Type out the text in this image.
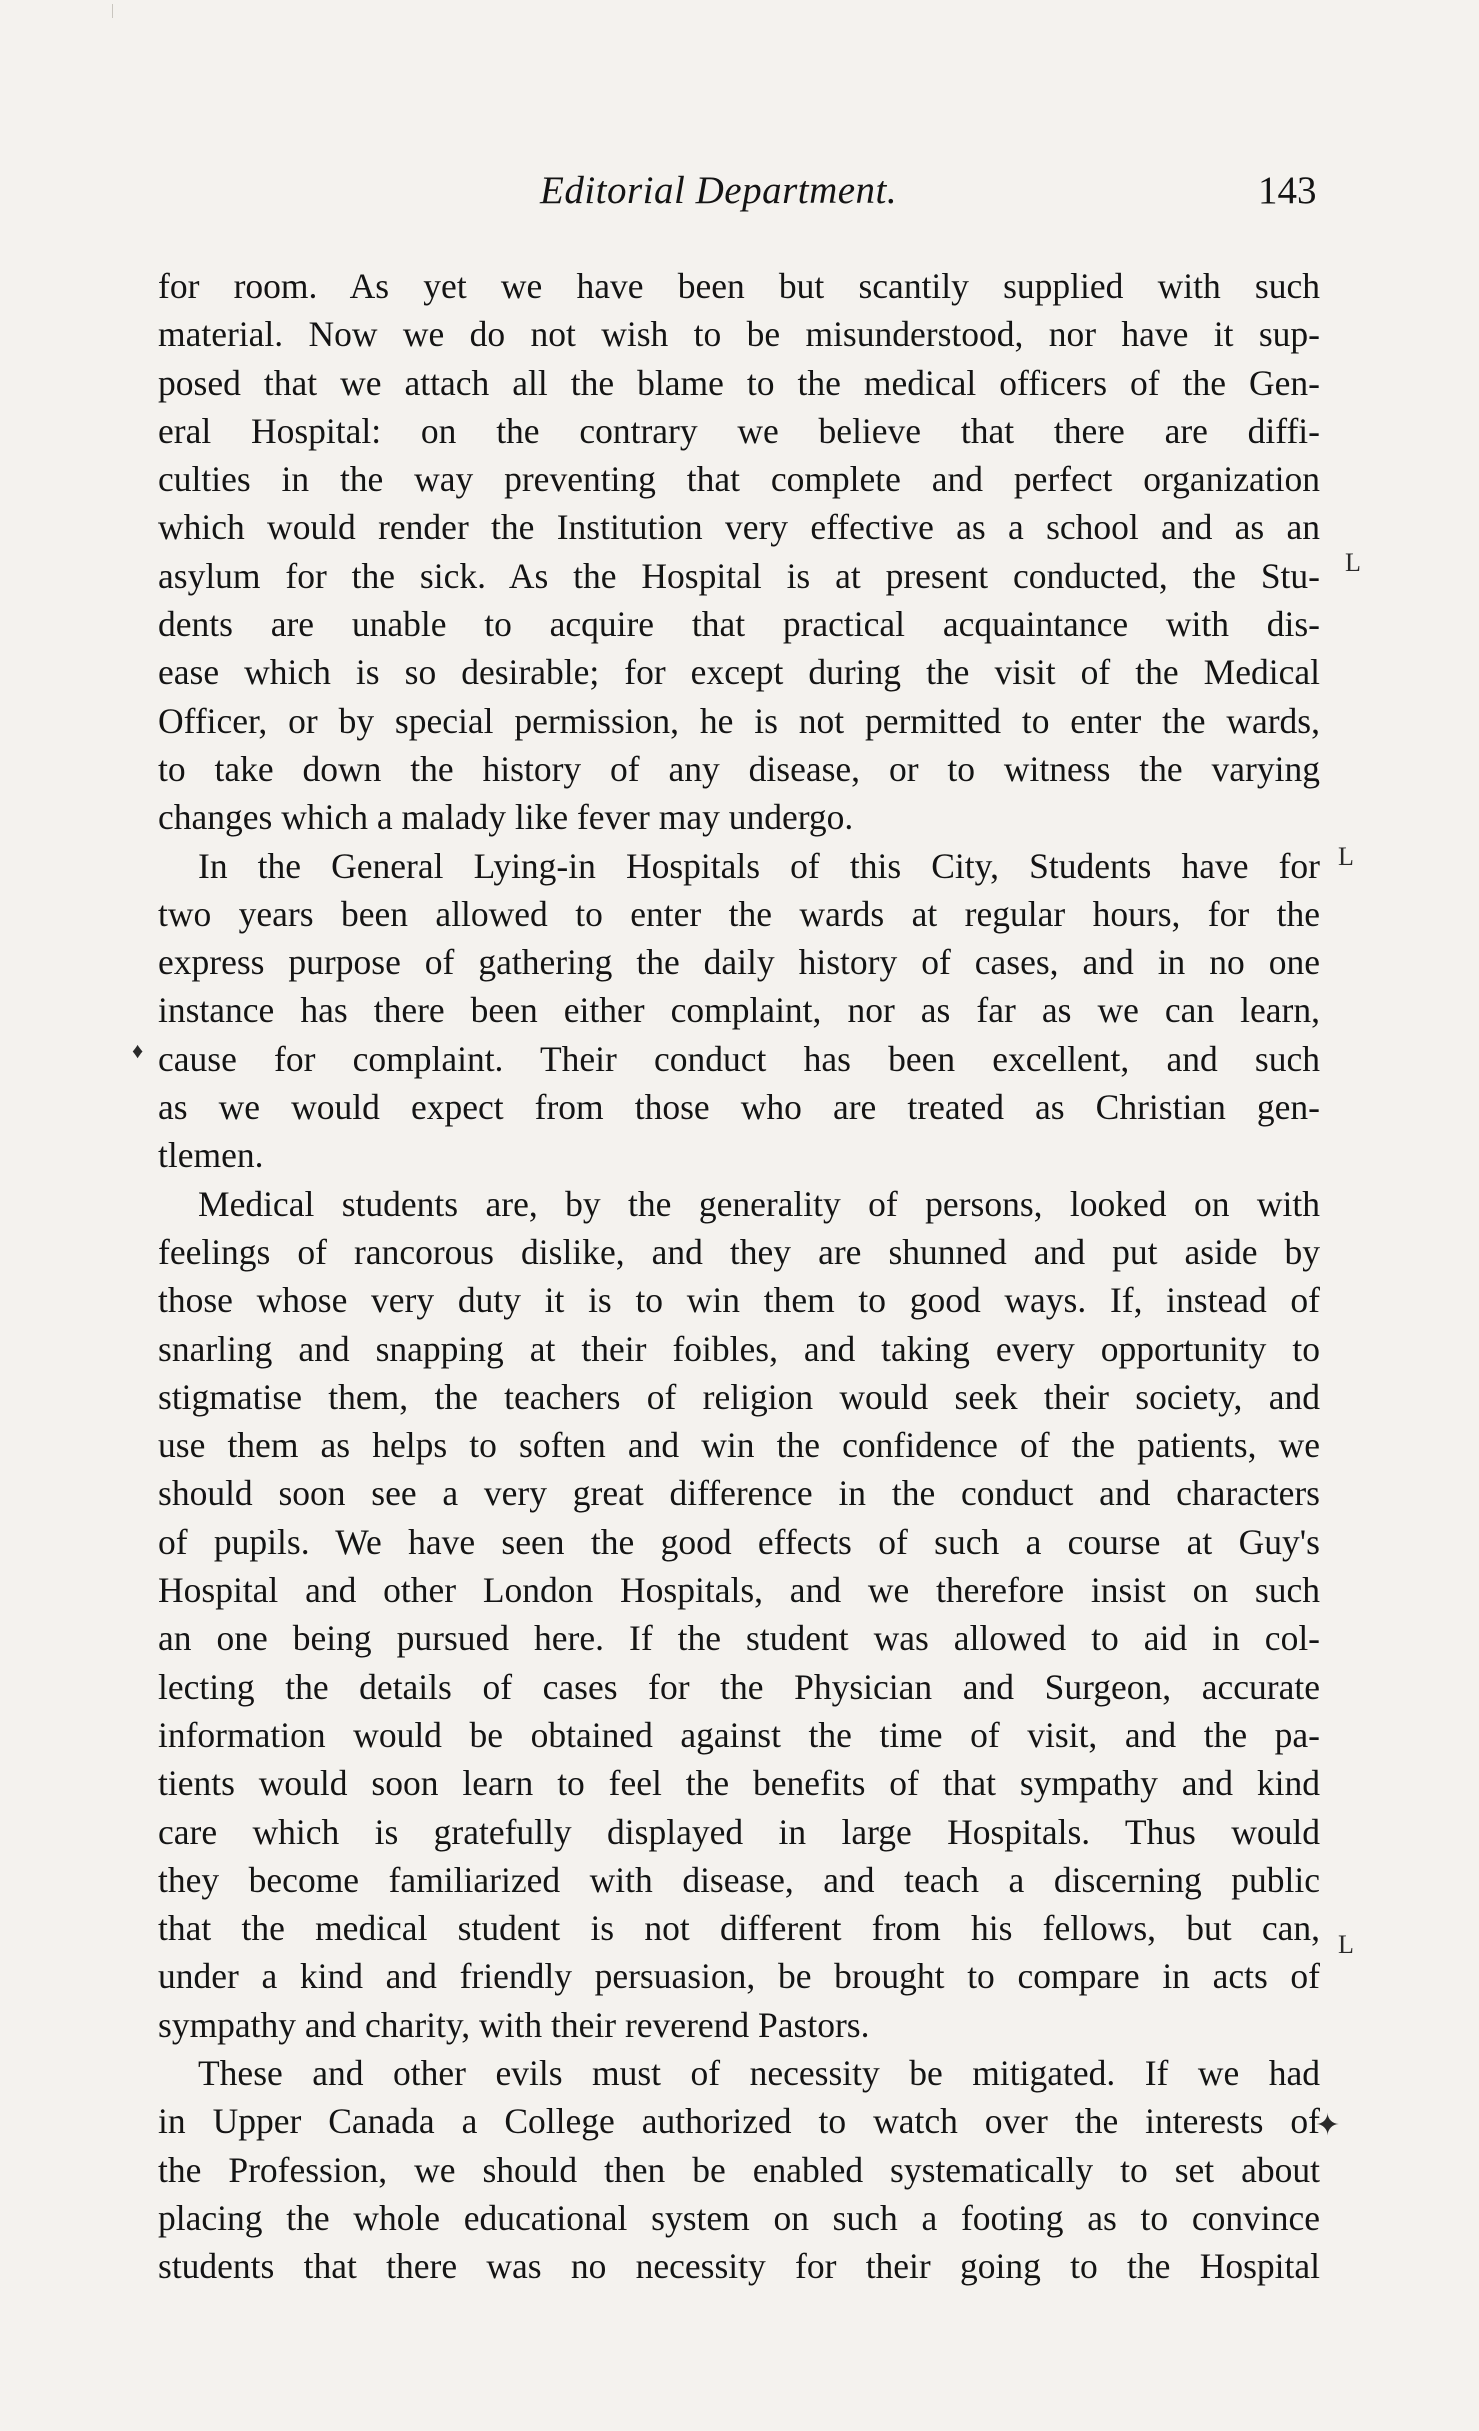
Editorial Department.	143
for room. As yet we have been but scantily supplied with such
material. Now we do not wish to be misunderstood, nor have it sup-
posed that we attach all the blame to the medical officers of the Gen-
eral Hospital: on the contrary we believe that there are diffi-
culties in the way preventing that complete and perfect organization
which would render the Institution very effective as a school and as an
asylum for the sick. As the Hospital is at present conducted, the Stu-
dents are unable to acquire that practical acquaintance with dis-
ease which is so desirable; for except during the visit of the Medical
Officer, or by special permission, he is not permitted to enter the wards,
to take down the history of any disease, or to witness the varying
changes which a malady like fever may undergo.
In the General Lying-in Hospitals of this City, Students have for
two years been allowed to enter the wards at regular hours, for the
express purpose of gathering the daily history of cases, and in no one
instance has there been either complaint, nor as far as we can learn,
cause for complaint. Their conduct has been excellent, and such
as we would expect from those who are treated as Christian gen-
tlemen.
Medical students are, by the generality of persons, looked on with
feelings of rancorous dislike, and they are shunned and put aside by
those whose very duty it is to win them to good ways. If, instead of
snarling and snapping at their foibles, and taking every opportunity to
stigmatise them, the teachers of religion would seek their society, and
use them as helps to soften and win the confidence of the patients, we
should soon see a very great difference in the conduct and characters
of pupils. We have seen the good effects of such a course at Guy's
Hospital and other London Hospitals, and we therefore insist on such
an one being pursued here. If the student was allowed to aid in col-
lecting the details of cases for the Physician and Surgeon, accurate
information would be obtained against the time of visit, and the pa-
tients would soon learn to feel the benefits of that sympathy and kind
care which is gratefully displayed in large Hospitals. Thus would
they become familiarized with disease, and teach a discerning public
that the medical student is not different from his fellows, but can,
under a kind and friendly persuasion, be brought to compare in acts of
sympathy and charity, with their reverend Pastors.
These and other evils must of necessity be mitigated. If we had
in Upper Canada a College authorized to watch over the interests of
the Profession, we should then be enabled systematically to set about
placing the whole educational system on such a footing as to convince
students that there was no necessity for their going to the Hospital
L
L
♦
L
✦
